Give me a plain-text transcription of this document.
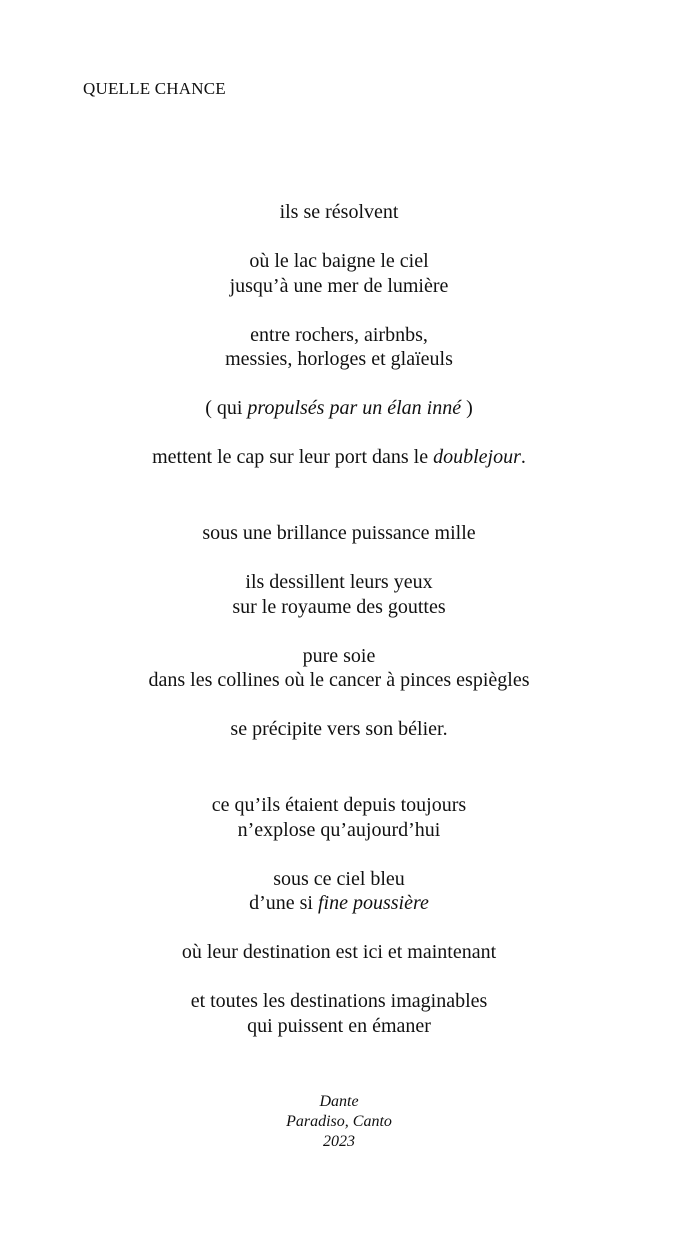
QUELLE CHANCE
ils se résolvent
où le lac baigne le ciel
jusqu’à une mer de lumière
entre rochers, airbnbs,
messies, horloges et glaïeuls
( qui propulsés par un élan inné )
mettent le cap sur leur port dans le doublejour.
sous une brillance puissance mille
ils dessillent leurs yeux
sur le royaume des gouttes
pure soie
dans les collines où le cancer à pinces espiègles
se précipite vers son bélier.
ce qu’ils étaient depuis toujours
n’explose qu’aujourd’hui
sous ce ciel bleu
d’une si fine poussière
où leur destination est ici et maintenant
et toutes les destinations imaginables
qui puissent en émaner
Dante
Paradiso, Canto
2023
